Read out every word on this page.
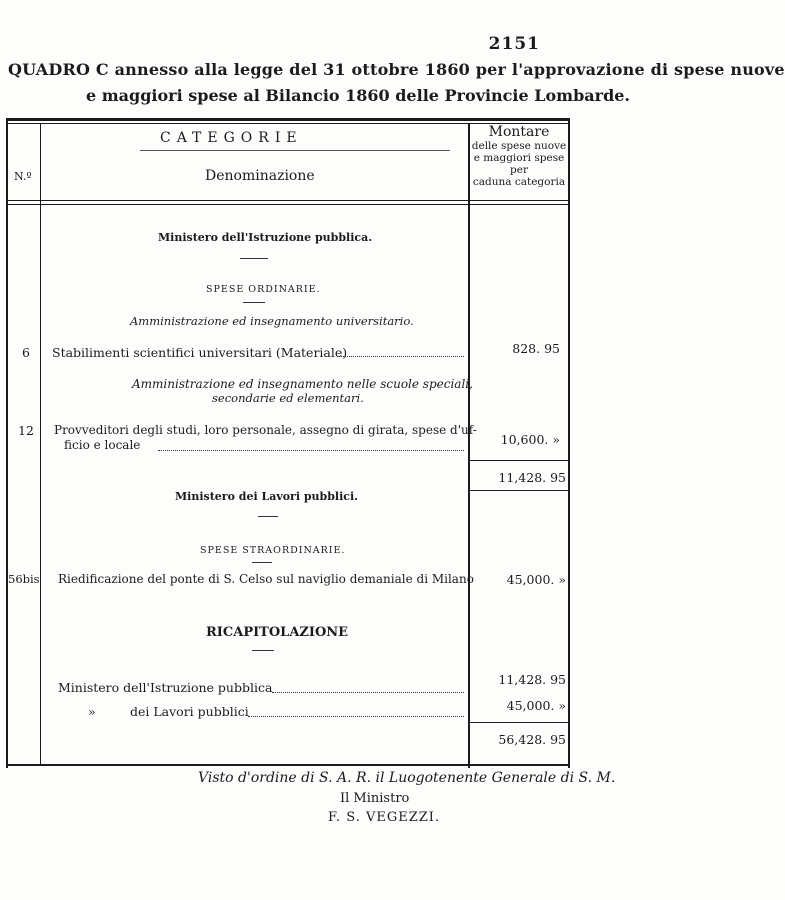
2151
QUADRO C annesso alla legge del 31 ottobre 1860 per l'approvazione di spese nuove
e maggiori spese al Bilancio 1860 delle Provincie Lombarde.
CATEGORIE
N.º	Denominazione
Montare
delle spese nuove
e maggiori spese
per
caduna categoria
Ministero dell'Istruzione pubblica.
SPESE ORDINARIE.
Amministrazione ed insegnamento universitario.
6 Stabilimenti scientifici universitari (Materiale)	828. 95
Amministrazione ed insegnamento nelle scuole speciali,
secondarie ed elementari.
12 Provveditori degli studi, loro personale, assegno di girata, spese d'uf-
ficio e locale	10,600. »
11,428. 95
Ministero dei Lavori pubblici.
SPESE STRAORDINARIE.
56bis Riedificazione del ponte di S. Celso sul naviglio demaniale di Milano	45,000. »
RICAPITOLAZIONE
Ministero dell'Istruzione pubblica
11,428. 95
»	dei Lavori pubblici	45,000. »
56,428. 95
Visto d'ordine di S. A. R. il Luogotenente Generale di S. M.
Il Ministro
F. S. VEGEZZI.
